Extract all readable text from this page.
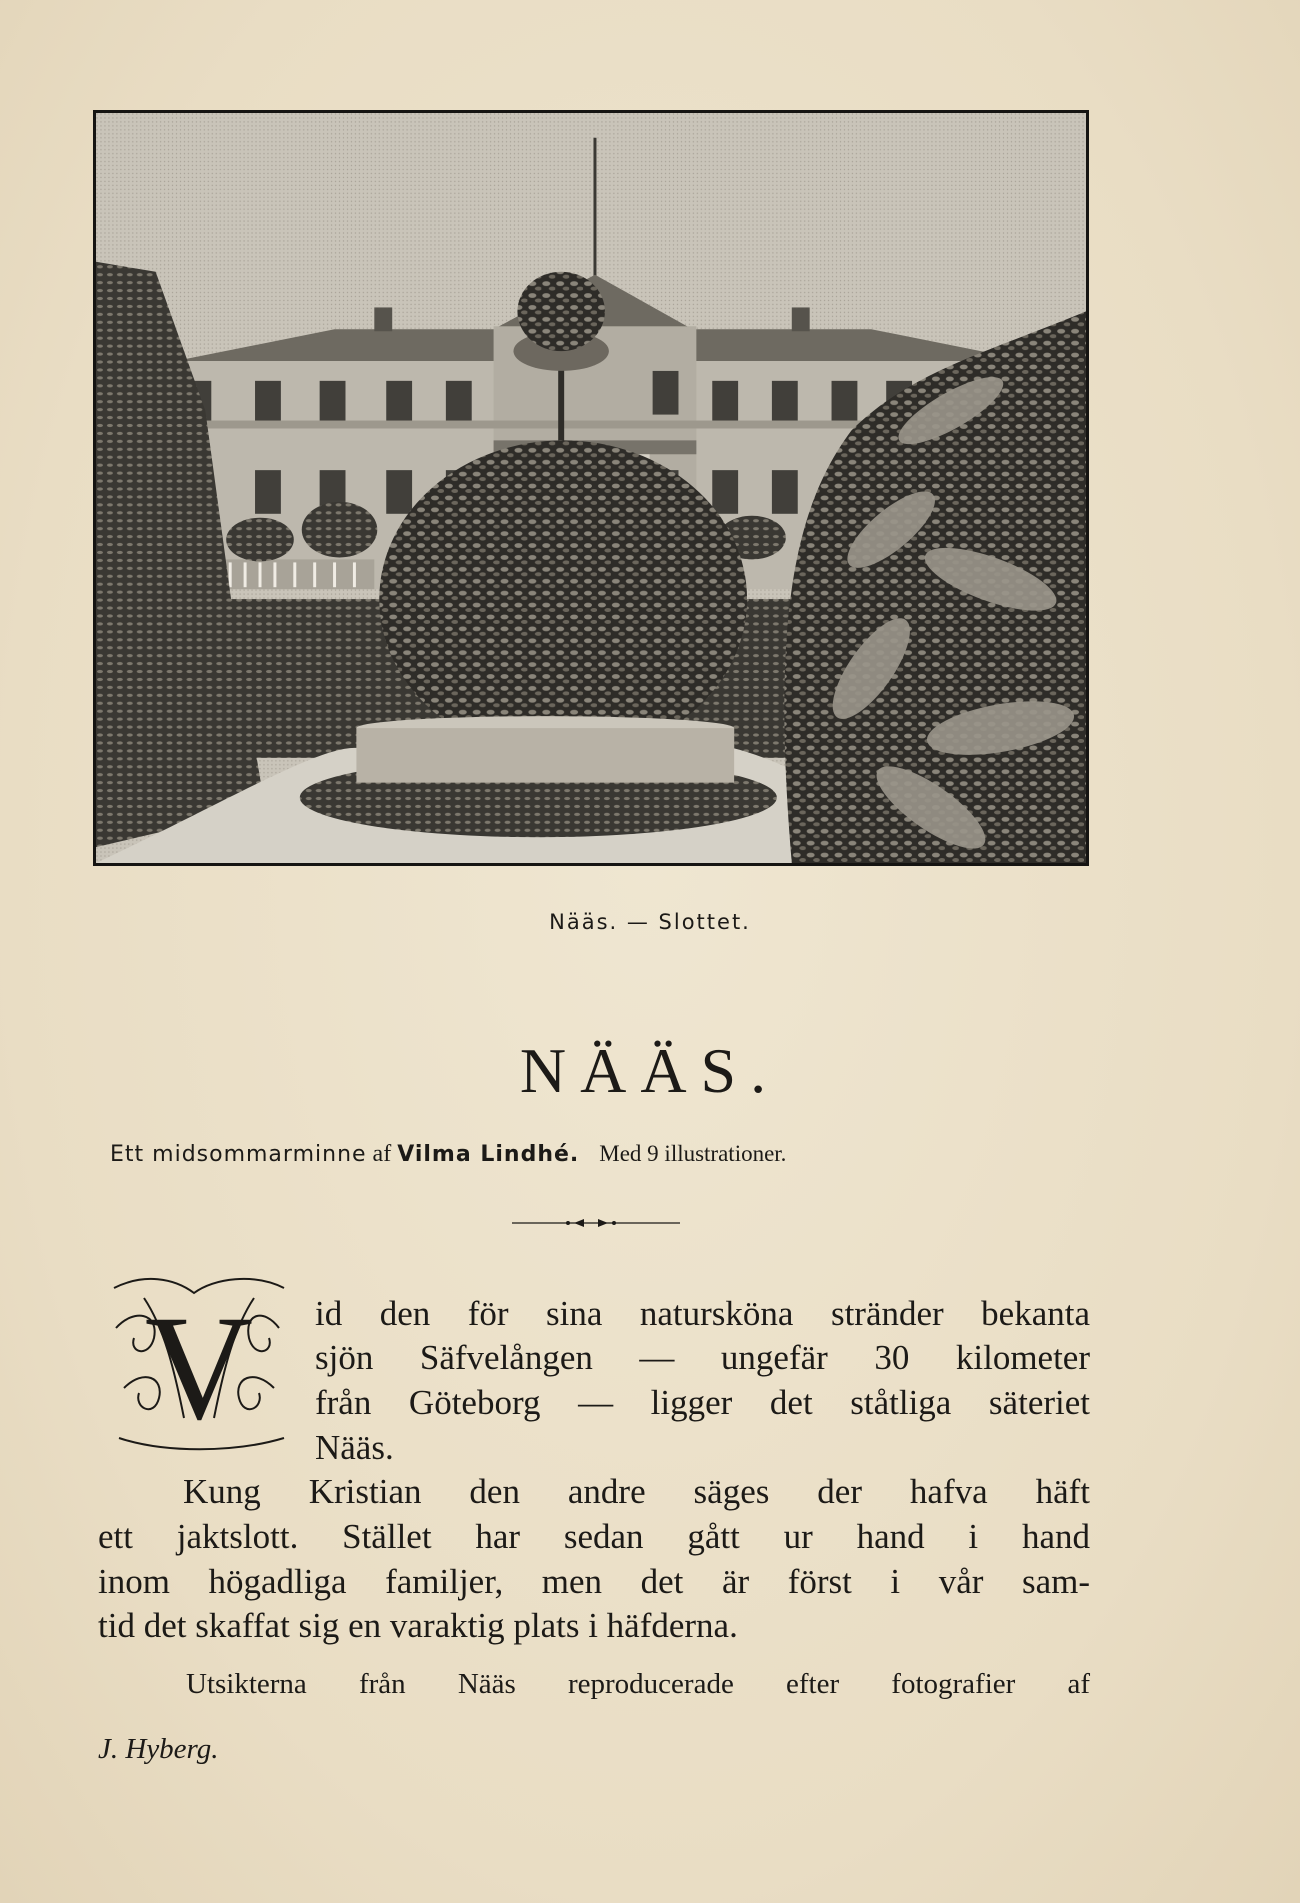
Nääs. — Slottet.
NÄÄS.
Ett midsommarminne af Vilma Lindhé. Med 9 illustrationer.
V id den för sina natursköna stränder bekanta
sjön Säfvelången — ungefär 30 kilometer
från Göteborg — ligger det ståtliga säteriet
Nääs.
Kung Kristian den andre säges der hafva häft
ett jaktslott. Stället har sedan gått ur hand i hand
inom högadliga familjer, men det är först i vår sam-
tid det skaffat sig en varaktig plats i häfderna.
Utsikterna från Nääs reproducerade efter fotografier af
J. Hyberg.
